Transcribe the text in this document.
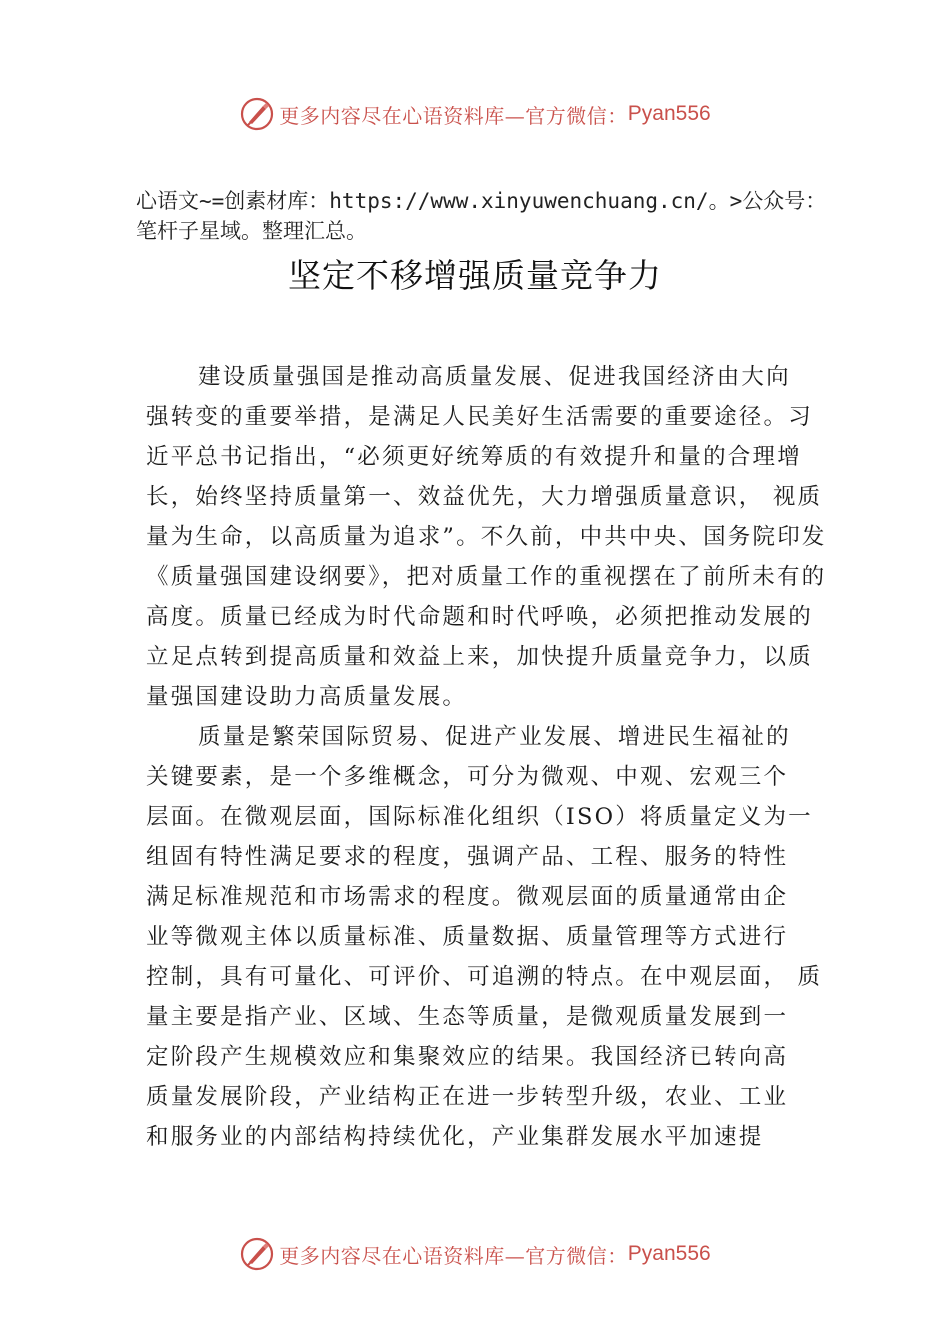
更多内容尽在心语资料库—官方微信： Pyan556
心语文~=创素材库：https://www.xinyuwenchuang.cn/。>公众号：笔杆子星域。整理汇总。
坚定不移增强质量竞争力
建设质量强国是推动高质量发展、促进我国经济由大向
强转变的重要举措，是满足人民美好生活需要的重要途径。习
近平总书记指出，“必须更好统筹质的有效提升和量的合理增
长，始终坚持质量第一、效益优先，大力增强质量意识， 视质
量为生命，以高质量为追求”。不久前，中共中央、国务院印发
《质量强国建设纲要》，把对质量工作的重视摆在了前所未有的
高度。质量已经成为时代命题和时代呼唤，必须把推动发展的
立足点转到提高质量和效益上来，加快提升质量竞争力，以质
量强国建设助力高质量发展。
质量是繁荣国际贸易、促进产业发展、增进民生福祉的
关键要素，是一个多维概念，可分为微观、中观、宏观三个
层面。在微观层面，国际标准化组织（ISO）将质量定义为一
组固有特性满足要求的程度，强调产品、工程、服务的特性
满足标准规范和市场需求的程度。微观层面的质量通常由企
业等微观主体以质量标准、质量数据、质量管理等方式进行
控制，具有可量化、可评价、可追溯的特点。在中观层面， 质
量主要是指产业、区域、生态等质量，是微观质量发展到一
定阶段产生规模效应和集聚效应的结果。我国经济已转向高
质量发展阶段，产业结构正在进一步转型升级，农业、工业
和服务业的内部结构持续优化，产业集群发展水平加速提
更多内容尽在心语资料库—官方微信： Pyan556
